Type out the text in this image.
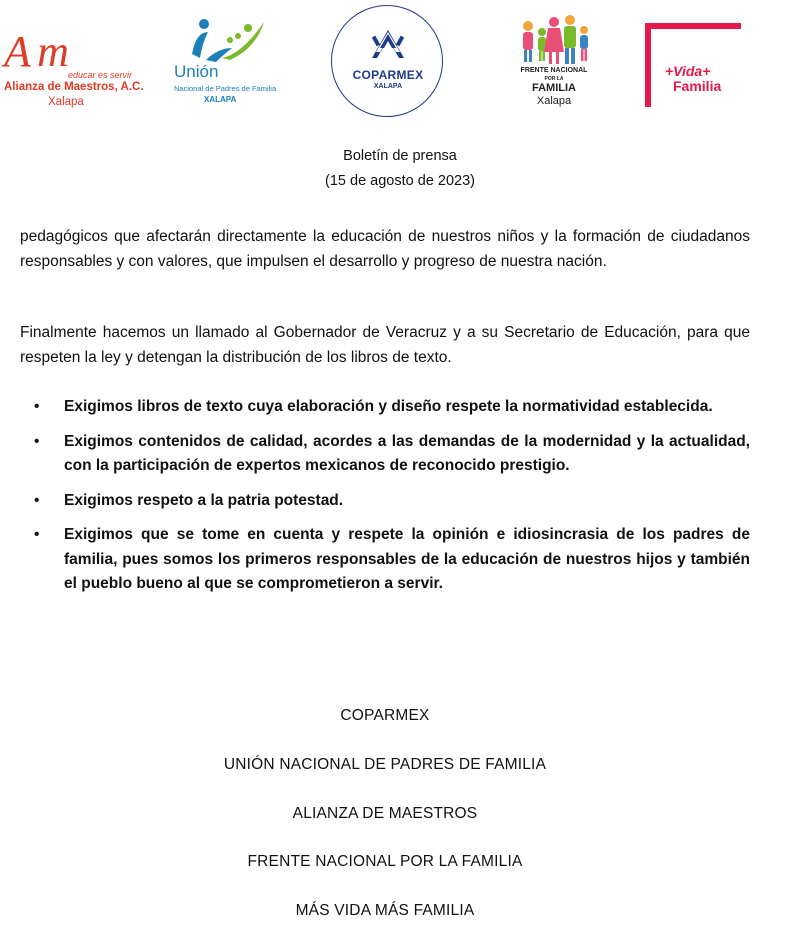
A m educar es servir
Alianza de Maestros, A.C.
Xalapa
Unión
Nacional de Padres de Familia
XALAPA
COPARMEX
XALAPA
FRENTE NACIONAL
POR LA
FAMILIA
Xalapa
+Vida+
Familia
Boletín de prensa
(15 de agosto de 2023)

pedagógicos que afectarán directamente la educación de nuestros niños y la formación de ciudadanos responsables y con valores, que impulsen el desarrollo y progreso de nuestra nación.

Finalmente hacemos un llamado al Gobernador de Veracruz y a su Secretario de Educación, para que respeten la ley y detengan la distribución de los libros de texto.

• Exigimos libros de texto cuya elaboración y diseño respete la normatividad establecida.
• Exigimos contenidos de calidad, acordes a las demandas de la modernidad y la actualidad, con la participación de expertos mexicanos de reconocido prestigio.
• Exigimos respeto a la patria potestad.
• Exigimos que se tome en cuenta y respete la opinión e idiosincrasia de los padres de familia, pues somos los primeros responsables de la educación de nuestros hijos y también el pueblo bueno al que se comprometieron a servir.
COPARMEX
UNIÓN NACIONAL DE PADRES DE FAMILIA
ALIANZA DE MAESTROS
FRENTE NACIONAL POR LA FAMILIA
MÁS VIDA MÁS FAMILIA
